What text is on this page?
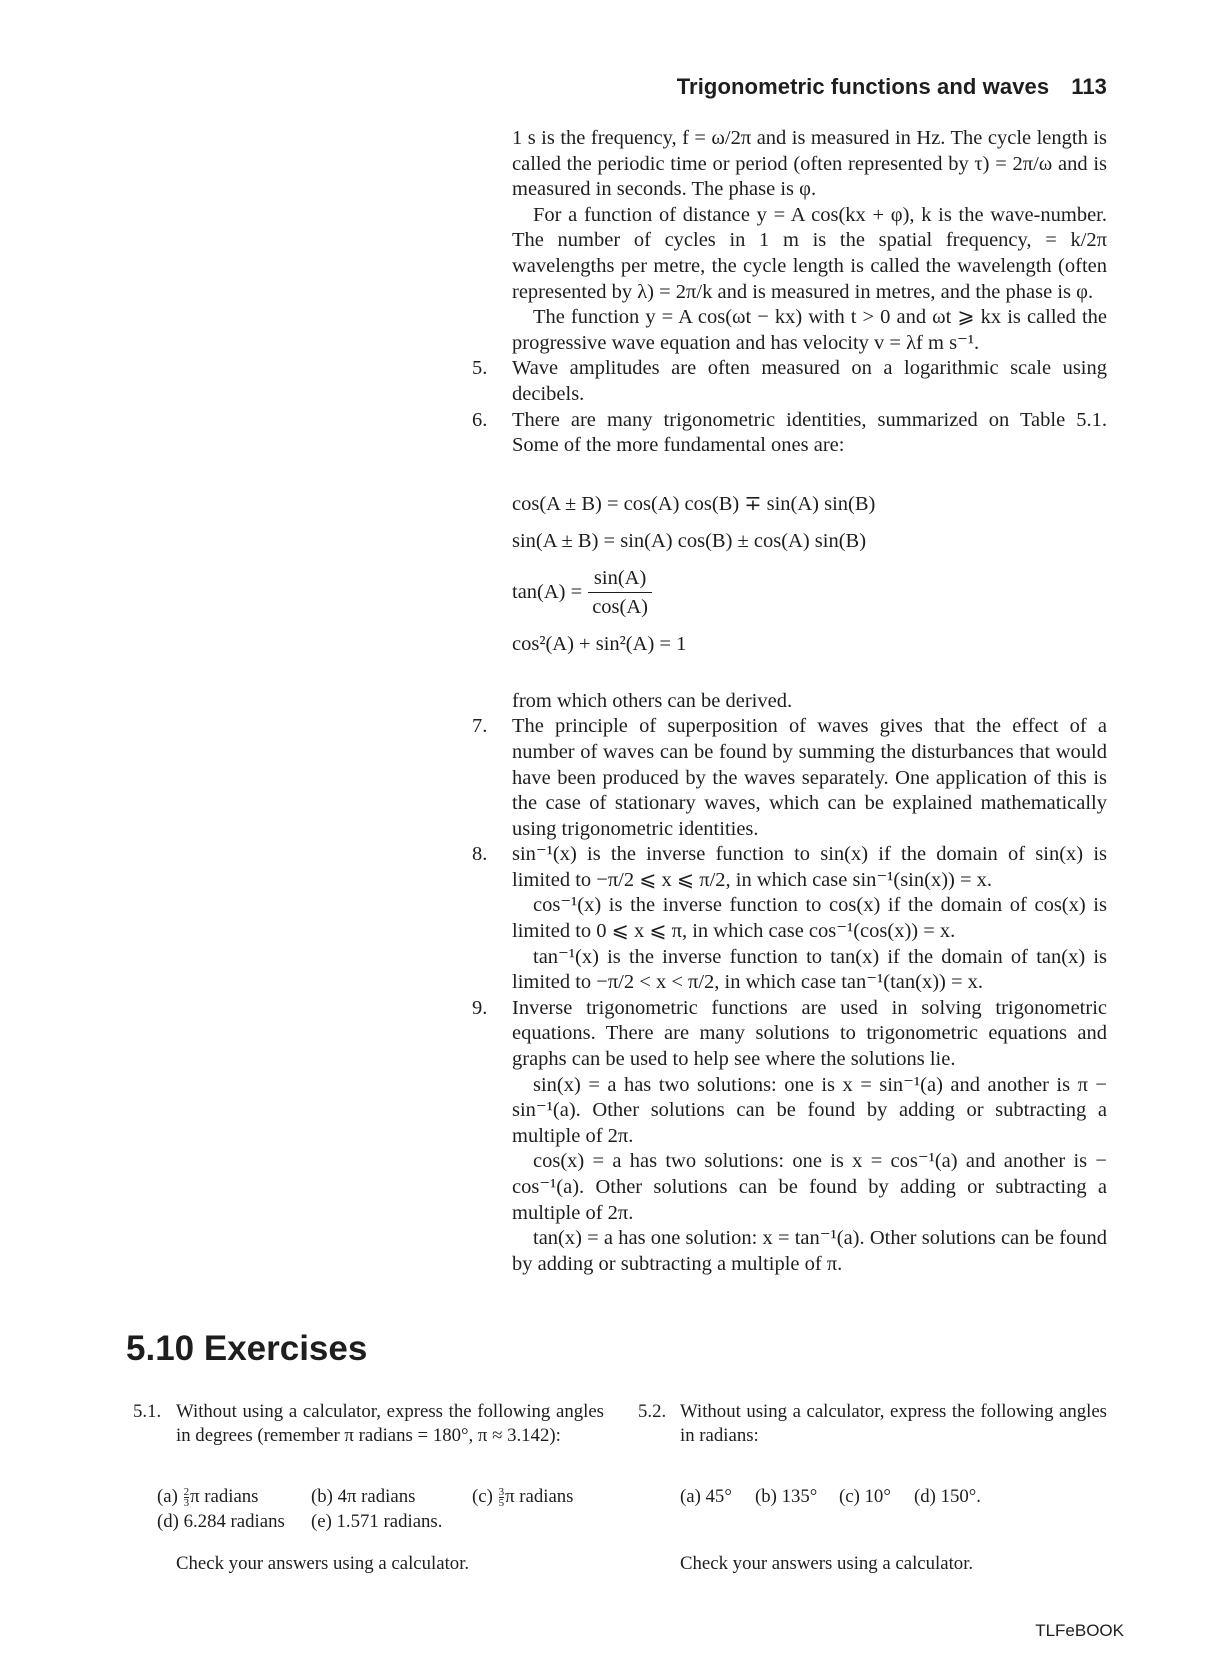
Trigonometric functions and waves 113

1 s is the frequency, f = ω/2π and is measured in Hz. The cycle length is called the periodic time or period (often represented by τ) = 2π/ω and is measured in seconds. The phase is φ.

For a function of distance y = A cos(kx + φ), k is the wave-number. The number of cycles in 1 m is the spatial frequency, = k/2π wavelengths per metre, the cycle length is called the wavelength (often represented by λ) = 2π/k and is measured in metres, and the phase is φ.

The function y = A cos(ωt − kx) with t > 0 and ωt ⩾ kx is called the progressive wave equation and has velocity v = λf m s⁻¹.

5. Wave amplitudes are often measured on a logarithmic scale using decibels.

6. There are many trigonometric identities, summarized on Table 5.1. Some of the more fundamental ones are:

cos(A ± B) = cos(A) cos(B) ∓ sin(A) sin(B)
sin(A ± B) = sin(A) cos(B) ± cos(A) sin(B)
$\tan(A) = \frac{\sin(A)}{\cos(A)}$
cos²(A) + sin²(A) = 1

from which others can be derived.

7. The principle of superposition of waves gives that the effect of a number of waves can be found by summing the disturbances that would have been produced by the waves separately. One application of this is the case of stationary waves, which can be explained mathematically using trigonometric identities.

8. sin⁻¹(x) is the inverse function to sin(x) if the domain of sin(x) is limited to −π/2 ⩽ x ⩽ π/2, in which case sin⁻¹(sin(x)) = x.

cos⁻¹(x) is the inverse function to cos(x) if the domain of cos(x) is limited to 0 ⩽ x ⩽ π, in which case cos⁻¹(cos(x)) = x.

tan⁻¹(x) is the inverse function to tan(x) if the domain of tan(x) is limited to −π/2 < x < π/2, in which case tan⁻¹(tan(x)) = x.

9. Inverse trigonometric functions are used in solving trigonometric equations. There are many solutions to trigonometric equations and graphs can be used to help see where the solutions lie.

sin(x) = a has two solutions: one is x = sin⁻¹(a) and another is π − sin⁻¹(a). Other solutions can be found by adding or subtracting a multiple of 2π.

cos(x) = a has two solutions: one is x = cos⁻¹(a) and another is − cos⁻¹(a). Other solutions can be found by adding or subtracting a multiple of 2π.

tan(x) = a has one solution: x = tan⁻¹(a). Other solutions can be found by adding or subtracting a multiple of π.

5.10 Exercises
5.1. Without using a calculator, express the following angles in degrees (remember π radians = 180°, π ≈ 3.142):
$(a) \frac{2}{3}$ π radians	(b) 4π radians	$(c) \frac{3}{5}$ π radians
(d) 6.284 radians (e) 1.571 radians.
Check your answers using a calculator.
5.2. Without using a calculator, express the following angles in radians:
(a) 45° (b) 135° (c) 10° (d) 150°.
Check your answers using a calculator.
TLFeBOOK
